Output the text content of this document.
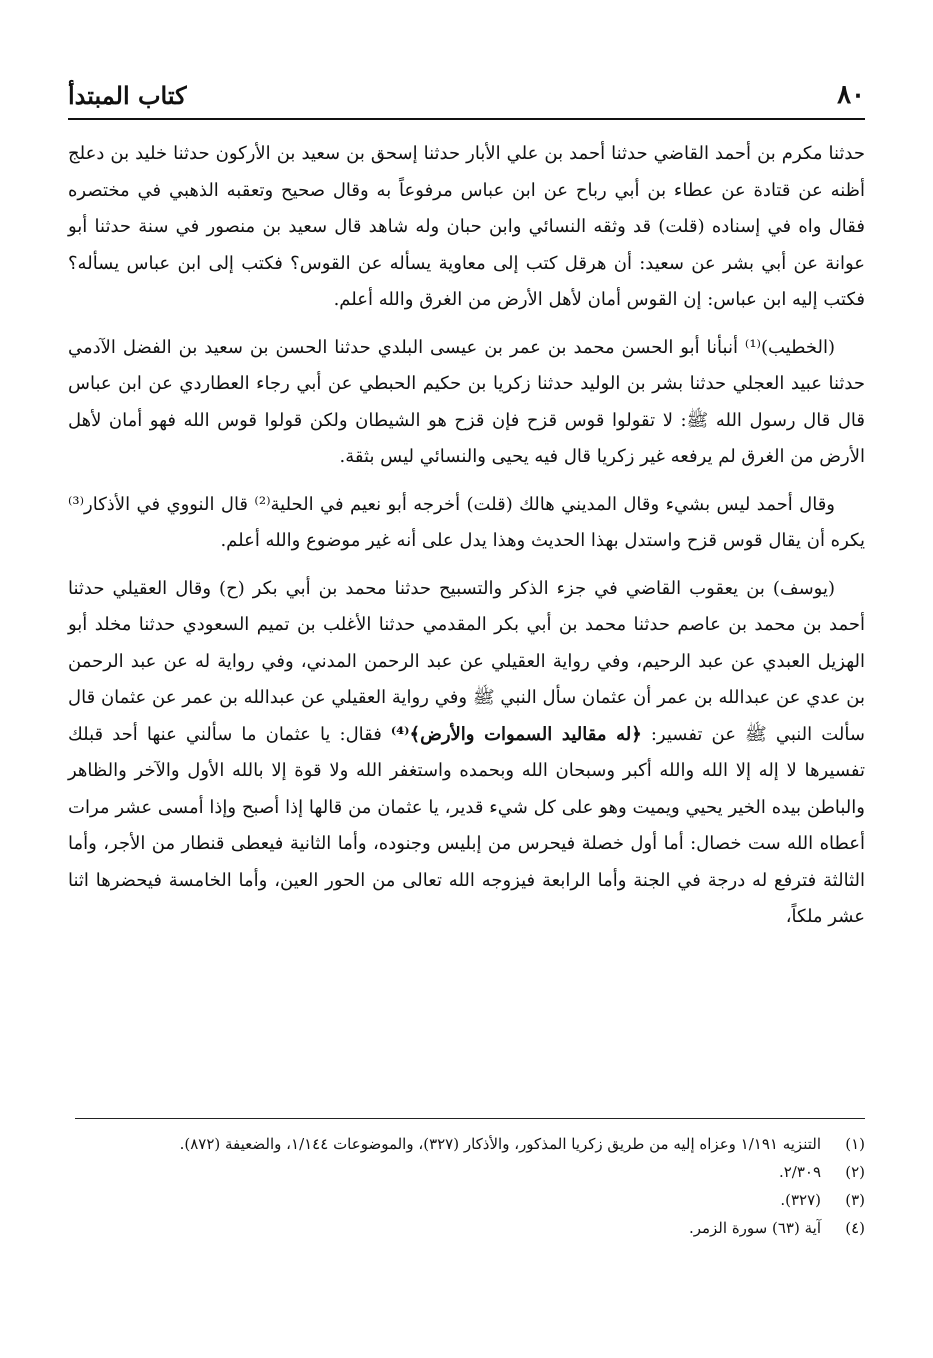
كتاب المبتدأ	٨٠

حدثنا مكرم بن أحمد القاضي حدثنا أحمد بن علي الأبار حدثنا إسحق بن سعيد بن الأركون حدثنا خليد بن دعلج أظنه عن قتادة عن عطاء بن أبي رباح عن ابن عباس مرفوعاً به وقال صحيح وتعقبه الذهبي في مختصره فقال واه في إسناده (قلت) قد وثقه النسائي وابن حبان وله شاهد قال سعيد بن منصور في سنة حدثنا أبو عوانة عن أبي بشر عن سعيد: أن هرقل كتب إلى معاوية يسأله عن القوس؟ فكتب إلى ابن عباس يسأله؟ فكتب إليه ابن عباس: إن القوس أمان لأهل الأرض من الغرق والله أعلم.

(الخطيب)⁽¹⁾ أنبأنا أبو الحسن محمد بن عمر بن عيسى البلدي حدثنا الحسن بن سعيد بن الفضل الآدمي حدثنا عبيد العجلي حدثنا بشر بن الوليد حدثنا زكريا بن حكيم الحبطي عن أبي رجاء العطاردي عن ابن عباس قال قال رسول الله ﷺ: لا تقولوا قوس قزح فإن قزح هو الشيطان ولكن قولوا قوس الله فهو أمان لأهل الأرض من الغرق لم يرفعه غير زكريا قال فيه يحيى والنسائي ليس بثقة.

وقال أحمد ليس بشيء وقال المديني هالك (قلت) أخرجه أبو نعيم في الحلية⁽²⁾ قال النووي في الأذكار⁽³⁾ يكره أن يقال قوس قزح واستدل بهذا الحديث وهذا يدل على أنه غير موضوع والله أعلم.

(يوسف) بن يعقوب القاضي في جزء الذكر والتسبيح حدثنا محمد بن أبي بكر (ح) وقال العقيلي حدثنا أحمد بن محمد بن عاصم حدثنا محمد بن أبي بكر المقدمي حدثنا الأغلب بن تميم السعودي حدثنا مخلد أبو الهزيل العبدي عن عبد الرحيم، وفي رواية العقيلي عن عبد الرحمن المدني، وفي رواية له عن عبد الرحمن بن عدي عن عبدالله بن عمر أن عثمان سأل النبي ﷺ وفي رواية العقيلي عن عبدالله بن عمر عن عثمان قال سألت النبي ﷺ عن تفسير: ﴿له مقاليد السموات والأرض﴾⁽⁴⁾ فقال: يا عثمان ما سألني عنها أحد قبلك تفسيرها لا إله إلا الله والله أكبر وسبحان الله وبحمده واستغفر الله ولا قوة إلا بالله الأول والآخر والظاهر والباطن بيده الخير يحيي ويميت وهو على كل شيء قدير، يا عثمان من قالها إذا أصبح وإذا أمسى عشر مرات أعطاه الله ست خصال: أما أول خصلة فيحرس من إبليس وجنوده، وأما الثانية فيعطى قنطار من الأجر، وأما الثالثة فترفع له درجة في الجنة وأما الرابعة فيزوجه الله تعالى من الحور العين، وأما الخامسة فيحضرها اثنا عشر ملكاً،

(١)
التنزيه ١/١٩١ وعزاه إليه من طريق زكريا المذكور، والأذكار (٣٢٧)، والموضوعات ١/١٤٤، والضعيفة (٨٧٢).
(٢)
٢/٣٠٩.
(٣)
(٣٢٧).
(٤)
آية (٦٣) سورة الزمر.
